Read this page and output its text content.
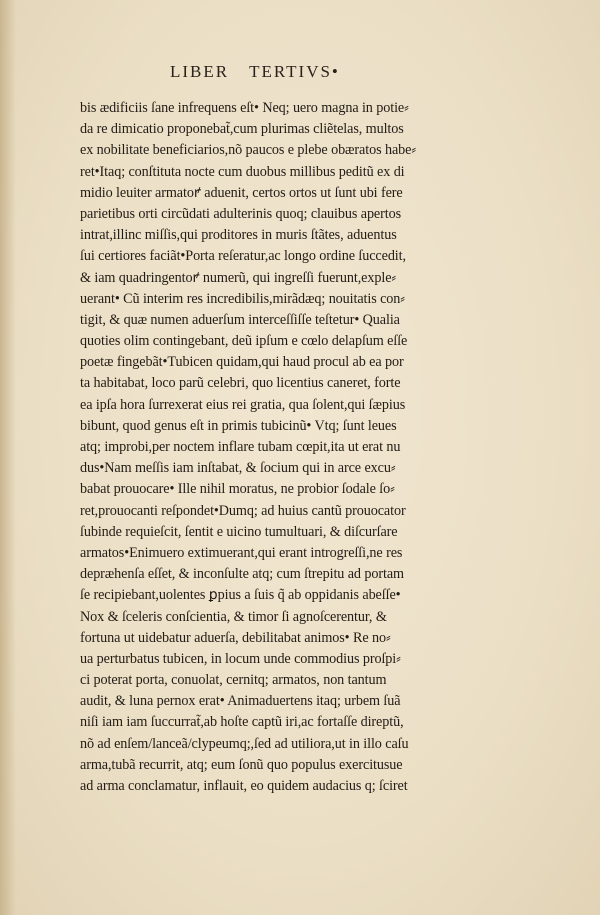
LIBER TERTIVS•
bis ædificiis ſane infrequens eſt• Neq; uero magna in potie⸗
da re dimicatio proponebat̃,cum plurimas cliẽtelas, multos
ex nobilitate beneficiarios,nõ paucos e plebe obæratos habe⸗
ret•Itaq; conſtituta nocte cum duobus millibus peditũ ex di
midio leuiter armatoꝵ aduenit, certos ortos ut ſunt ubi fere
parietibus orti circũdati adulterinis quoq; clauibus apertos
intrat,illinc miſſis,qui proditores in muris ſtãtes, aduentus
ſui certiores faciãt•Porta reſeratur,ac longo ordine ſuccedit,
& iam quadringentoꝵ numerũ, qui ingreſſi fuerunt,exple⸗
uerant• Cũ interim res incredibilis,mirãdæq; nouitatis con⸗
tigit, & quæ numen aduerſum interceſſiſſe teſtetur• Qualia
quoties olim contingebant, deũ ipſum e cœlo delapſum eſſe
poetæ fingebãt•Tubicen quidam,qui haud procul ab ea por
ta habitabat, loco parũ celebri, quo licentius caneret, forte
ea ipſa hora ſurrexerat eius rei gratia, qua ſolent,qui ſæpius
bibunt, quod genus eſt in primis tubicinũ• Vtq; ſunt leues
atq; improbi,per noctem inflare tubam cœpit,ita ut erat nu
dus•Nam meſſis iam inſtabat, & ſocium qui in arce excu⸗
babat prouocare• Ille nihil moratus, ne probior ſodale ſo⸗
ret,prouocanti reſpondet•Dumq; ad huius cantũ prouocator
ſubinde requieſcit, ſentit e uicino tumultuari, & diſcurſare
armatos•Enimuero extimuerant,qui erant introgreſſi,ne res
depræhenſa eſſet, & inconſulte atq; cum ſtrepitu ad portam
ſe recipiebant,uolentes ꝑpius a ſuis q̃ ab oppidanis abeſſe•
Nox & ſceleris conſcientia, & timor ſi agnoſcerentur, &
fortuna ut uidebatur aduerſa, debilitabat animos• Re no⸗
ua perturbatus tubicen, in locum unde commodius proſpi⸗
ci poterat porta, conuolat, cernitq; armatos, non tantum
audit, & luna pernox erat• Animaduertens itaq; urbem ſuã
niſi iam iam ſuccurrat̃,ab hoſte captũ iri,ac fortaſſe direptũ,
nõ ad enſem/lanceã/clypeumq;,ſed ad utiliora,ut in illo caſu
arma,tubã recurrit, atq; eum ſonũ quo populus exercitusue
ad arma conclamatur, inflauit, eo quidem audacius q; ſciret
